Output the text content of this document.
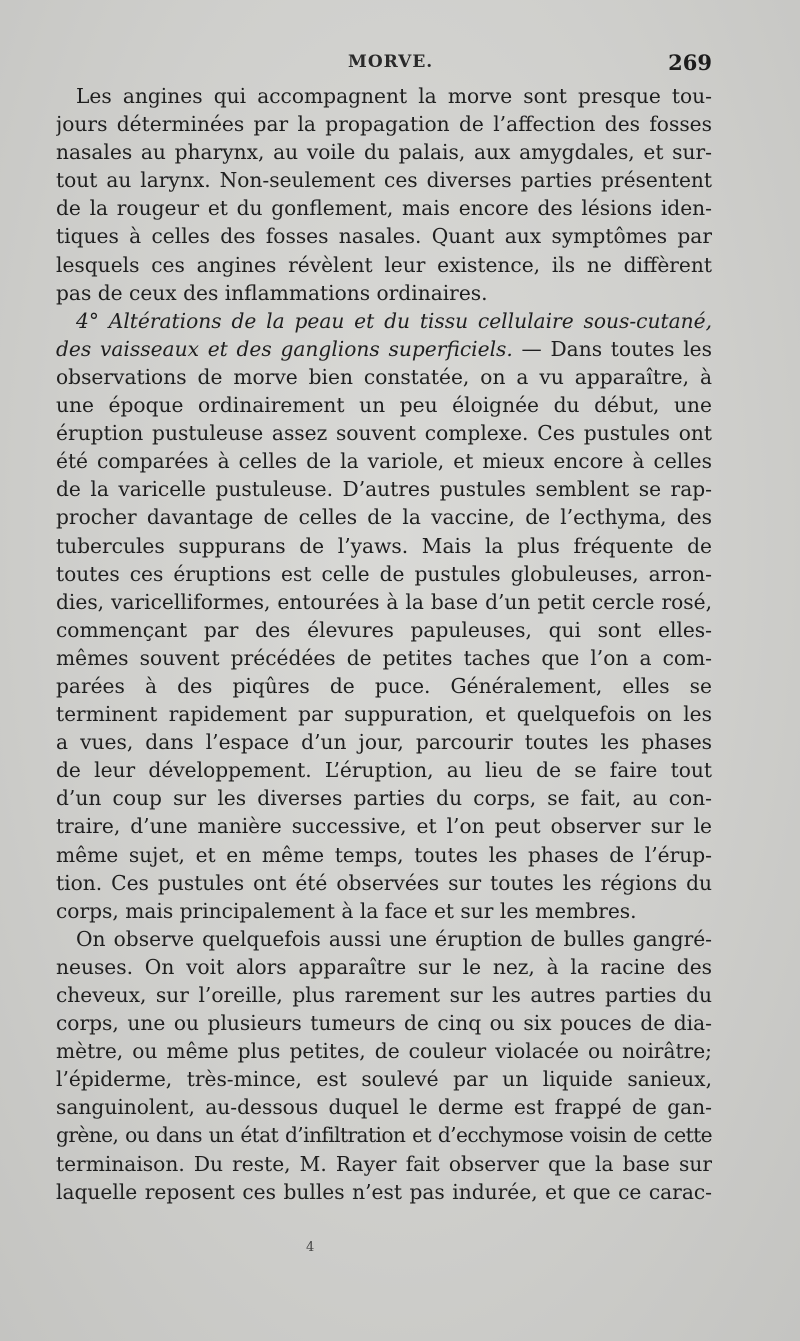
MORVE.	269
Les angines qui accompagnent la morve sont presque tou-
jours déterminées par la propagation de l’affection des fosses
nasales au pharynx, au voile du palais, aux amygdales, et sur-
tout au larynx. Non-seulement ces diverses parties présentent
de la rougeur et du gonflement, mais encore des lésions iden-
tiques à celles des fosses nasales. Quant aux symptômes par
lesquels ces angines révèlent leur existence, ils ne diffèrent
pas de ceux des inflammations ordinaires.
4° Altérations de la peau et du tissu cellulaire sous-cutané,
des vaisseaux et des ganglions superficiels. — Dans toutes les
observations de morve bien constatée, on a vu apparaître, à
une époque ordinairement un peu éloignée du début, une
éruption pustuleuse assez souvent complexe. Ces pustules ont
été comparées à celles de la variole, et mieux encore à celles
de la varicelle pustuleuse. D’autres pustules semblent se rap-
procher davantage de celles de la vaccine, de l’ecthyma, des
tubercules suppurans de l’yaws. Mais la plus fréquente de
toutes ces éruptions est celle de pustules globuleuses, arron-
dies, varicelliformes, entourées à la base d’un petit cercle rosé,
commençant par des élevures papuleuses, qui sont elles-
mêmes souvent précédées de petites taches que l’on a com-
parées à des piqûres de puce. Généralement, elles se
terminent rapidement par suppuration, et quelquefois on les
a vues, dans l’espace d’un jour, parcourir toutes les phases
de leur développement. L’éruption, au lieu de se faire tout
d’un coup sur les diverses parties du corps, se fait, au con-
traire, d’une manière successive, et l’on peut observer sur le
même sujet, et en même temps, toutes les phases de l’érup-
tion. Ces pustules ont été observées sur toutes les régions du
corps, mais principalement à la face et sur les membres.
On observe quelquefois aussi une éruption de bulles gangré-
neuses. On voit alors apparaître sur le nez, à la racine des
cheveux, sur l’oreille, plus rarement sur les autres parties du
corps, une ou plusieurs tumeurs de cinq ou six pouces de dia-
mètre, ou même plus petites, de couleur violacée ou noirâtre;
l’épiderme, très-mince, est soulevé par un liquide sanieux,
sanguinolent, au-dessous duquel le derme est frappé de gan-
grène, ou dans un état d’infiltration et d’ecchymose voisin de cette
terminaison. Du reste, M. Rayer fait observer que la base sur
laquelle reposent ces bulles n’est pas indurée, et que ce carac-
4
